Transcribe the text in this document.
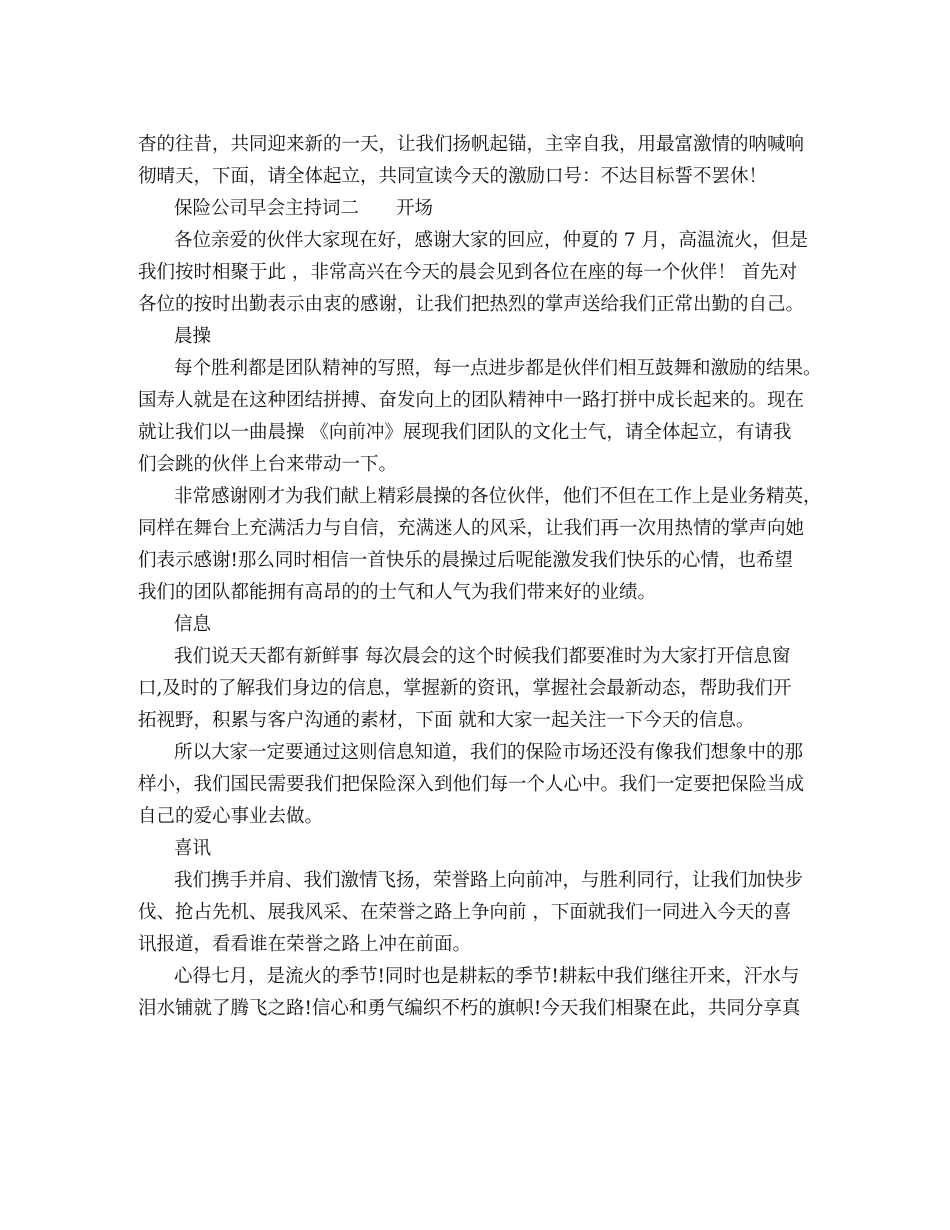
杳的往昔，共同迎来新的一天，让我们扬帆起锚，主宰自我，用最富激情的呐喊响
彻晴天，下面，请全体起立，共同宣读今天的激励口号：不达目标誓不罢休！
保险公司早会主持词二　　开场
各位亲爱的伙伴大家现在好，感谢大家的回应，仲夏的 7 月，高温流火，但是
我们按时相聚于此 ，非常高兴在今天的晨会见到各位在座的每一个伙伴！ 首先对
各位的按时出勤表示由衷的感谢，让我们把热烈的掌声送给我们正常出勤的自己。
晨操
每个胜利都是团队精神的写照，每一点进步都是伙伴们相互鼓舞和激励的结果。
国寿人就是在这种团结拼搏、奋发向上的团队精神中一路打拼中成长起来的。现在
就让我们以一曲晨操 《向前冲》展现我们团队的文化士气，请全体起立，有请我
们会跳的伙伴上台来带动一下。
非常感谢刚才为我们献上精彩晨操的各位伙伴，他们不但在工作上是业务精英，
同样在舞台上充满活力与自信，充满迷人的风采，让我们再一次用热情的掌声向她
们表示感谢!那么同时相信一首快乐的晨操过后呢能激发我们快乐的心情，也希望
我们的团队都能拥有高昂的的士气和人气为我们带来好的业绩。
信息
我们说天天都有新鲜事 每次晨会的这个时候我们都要准时为大家打开信息窗
口,及时的了解我们身边的信息，掌握新的资讯，掌握社会最新动态，帮助我们开
拓视野，积累与客户沟通的素材，下面 就和大家一起关注一下今天的信息。
所以大家一定要通过这则信息知道，我们的保险市场还没有像我们想象中的那
样小，我们国民需要我们把保险深入到他们每一个人心中。我们一定要把保险当成
自己的爱心事业去做。
喜讯
我们携手并肩、我们激情飞扬，荣誉路上向前冲，与胜利同行，让我们加快步
伐、抢占先机、展我风采、在荣誉之路上争向前 ，下面就我们一同进入今天的喜
讯报道，看看谁在荣誉之路上冲在前面。
心得七月，是流火的季节!同时也是耕耘的季节!耕耘中我们继往开来，汗水与
泪水铺就了腾飞之路!信心和勇气编织不朽的旗帜!今天我们相聚在此，共同分享真
